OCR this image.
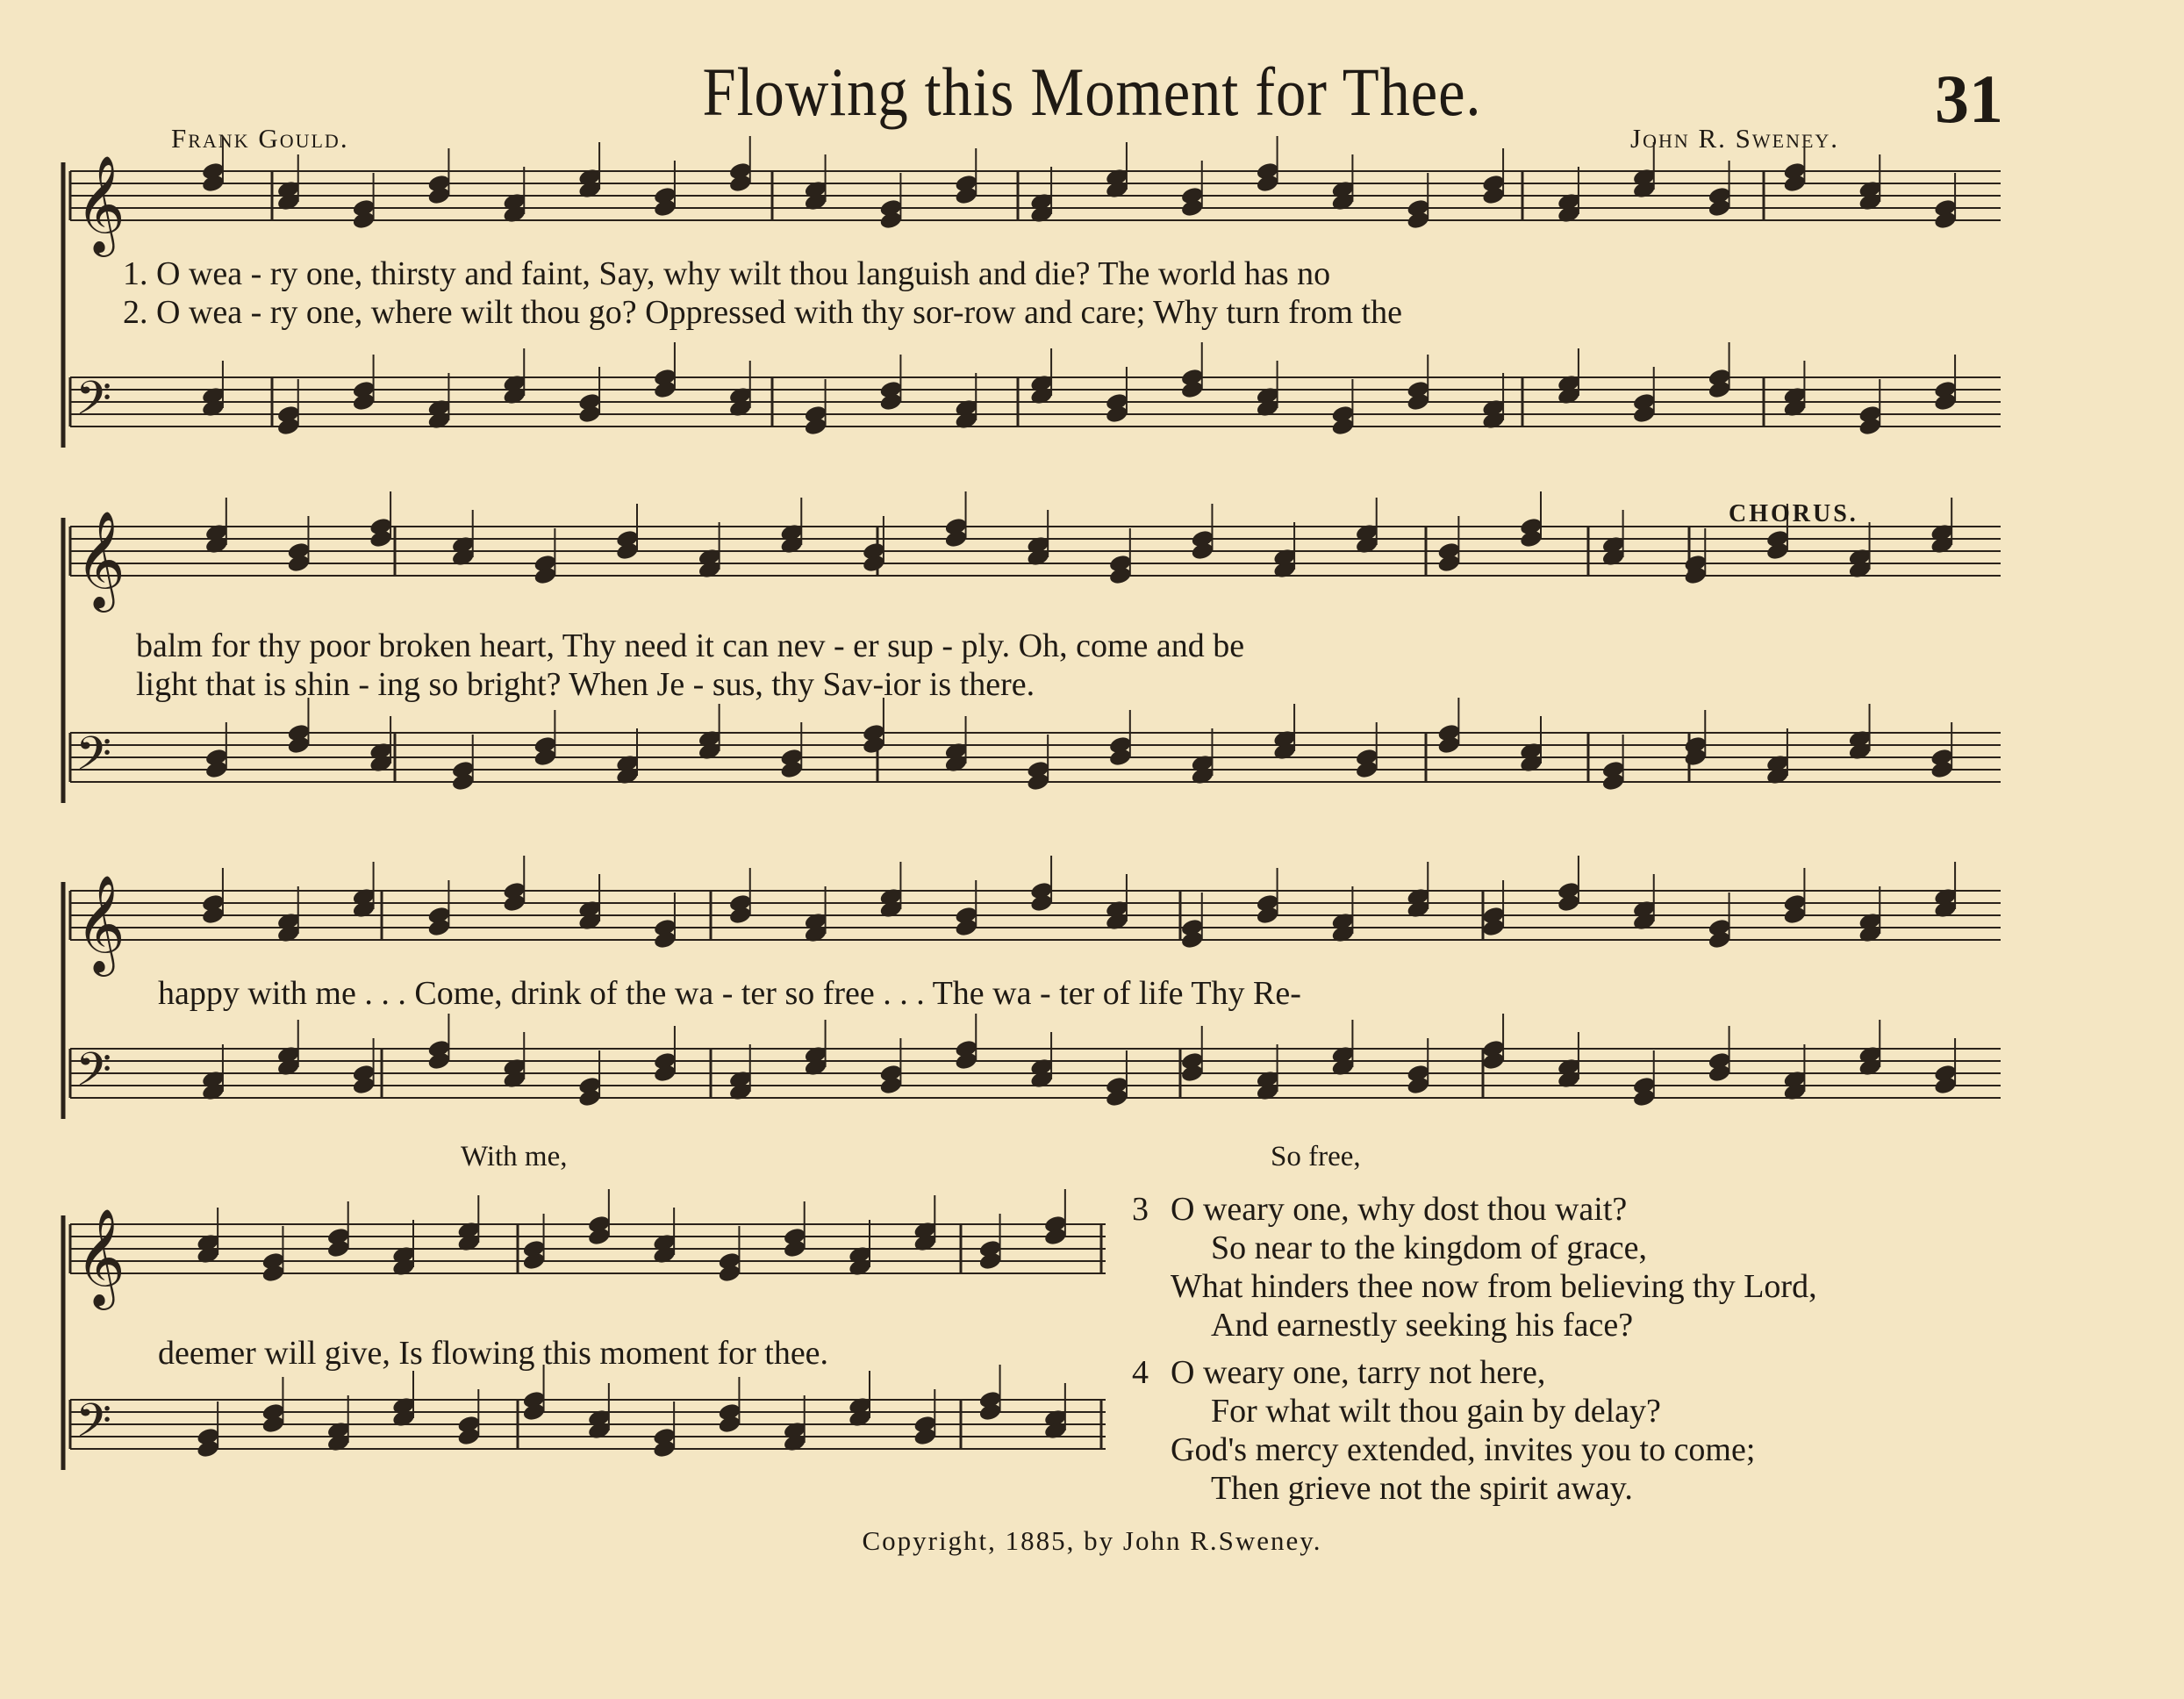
Flowing this Moment for Thee.	31
Frank Gould.	John R. Sweney.
𝄞
𝄢
𝄞
𝄢
𝄞
𝄢
𝄞
𝄢
1. O wea - ry one, thirsty and faint, Say, why wilt thou languish and die? The world has no
2. O wea - ry one, where wilt thou go? Oppressed with thy sor-row and care; Why turn from the
CHORUS.
balm for thy poor broken heart, Thy need it can nev - er sup - ply. Oh, come and be
light that is shin - ing so bright? When Je - sus, thy Sav-ior is there.
happy with me . . . Come, drink of the wa - ter so free . . . The wa - ter of life Thy Re-
With me,	So free,
deemer will give, Is flowing this moment for thee.
3 O weary one, why dost thou wait?
So near to the kingdom of grace,
What hinders thee now from believing thy Lord,
And earnestly seeking his face?
4 O weary one, tarry not here,
For what wilt thou gain by delay?
God's mercy extended, invites you to come;
Then grieve not the spirit away.
Copyright, 1885, by John R.Sweney.
